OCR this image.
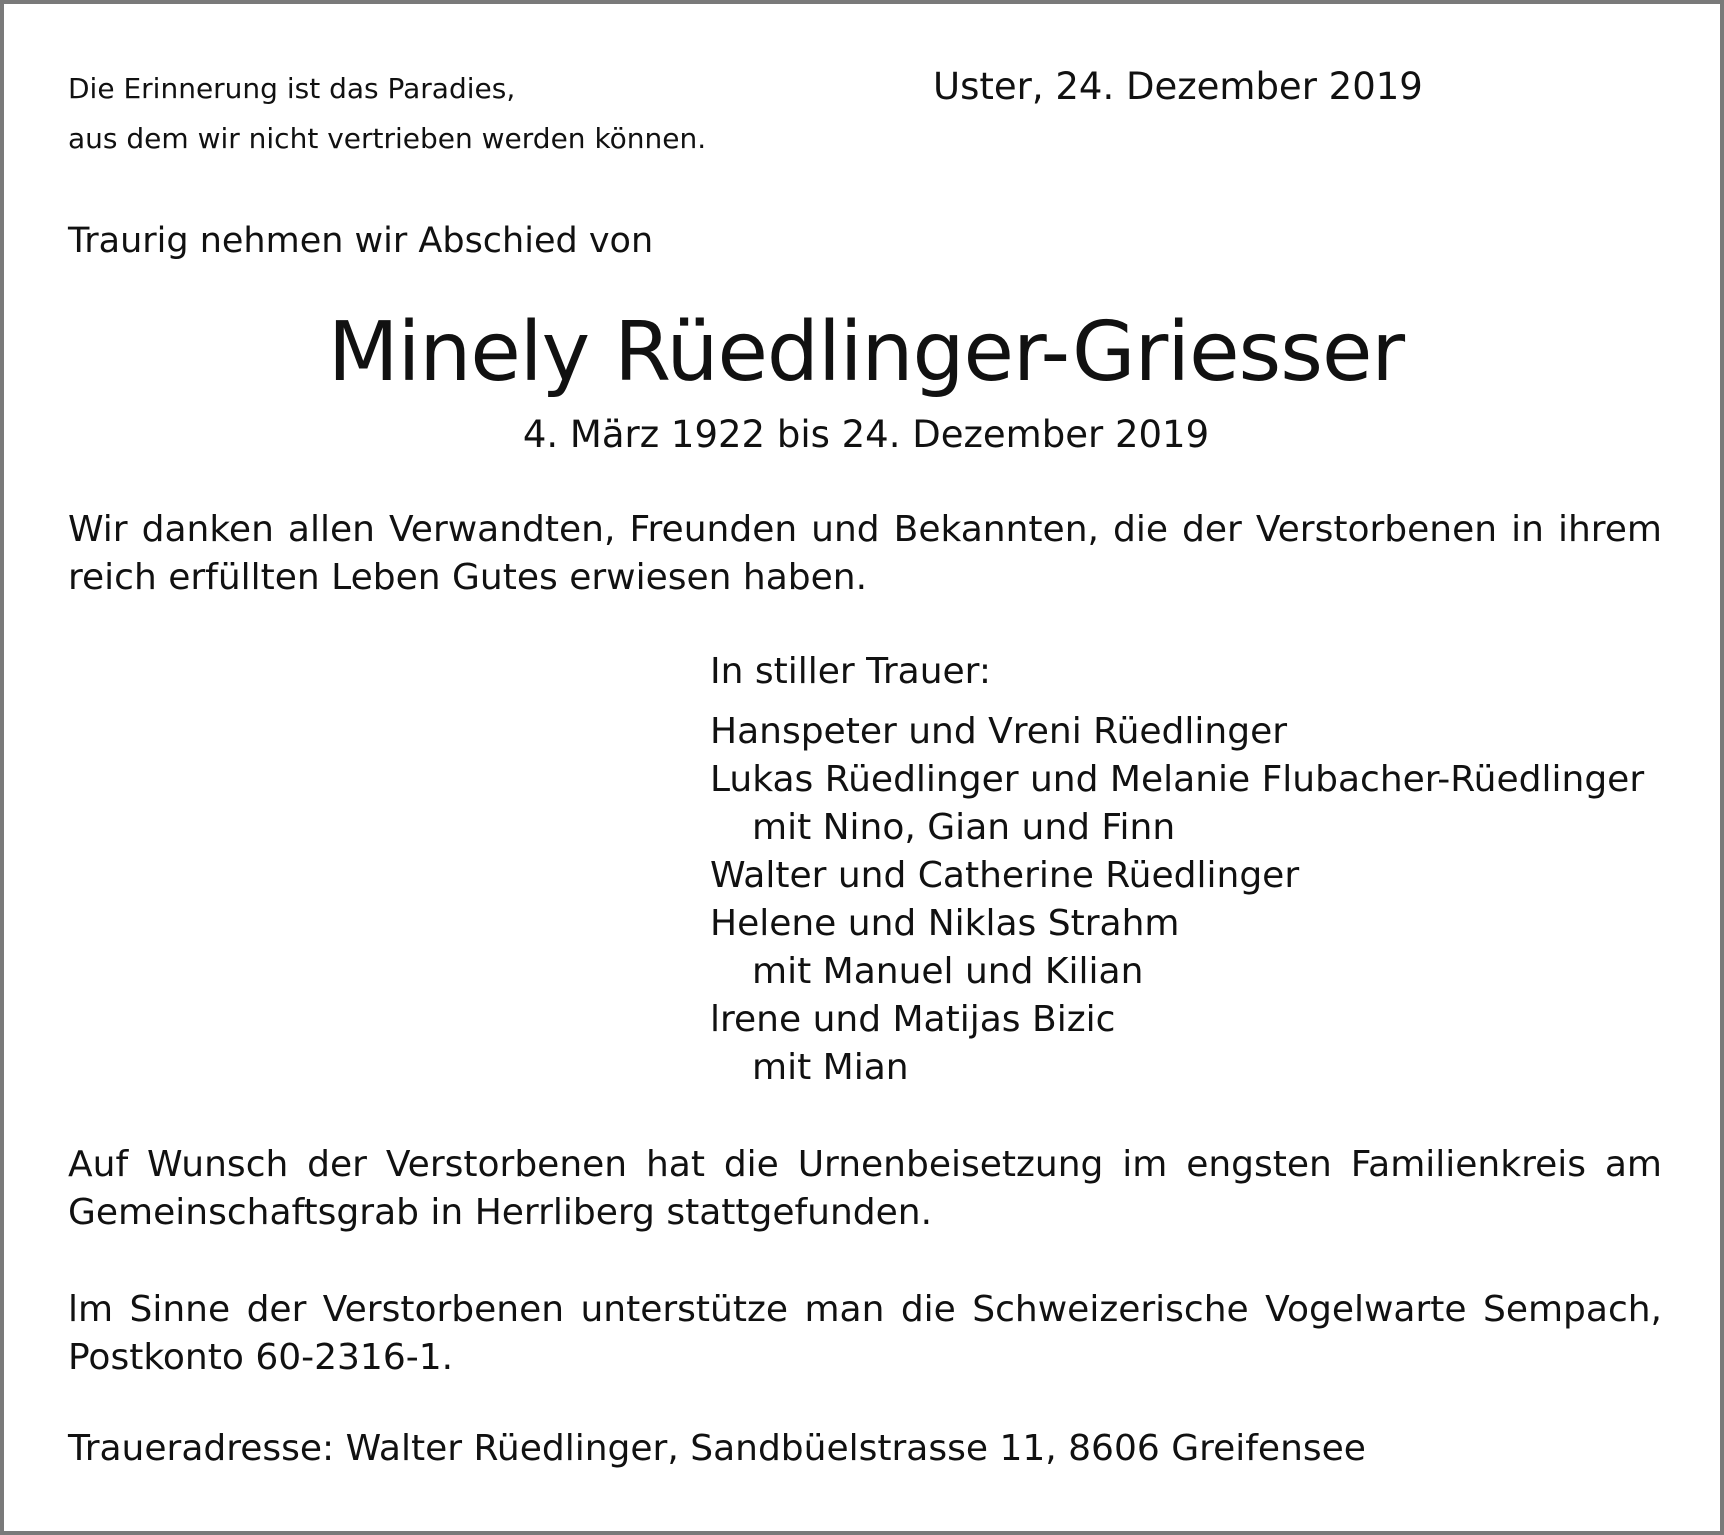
Die Erinnerung ist das Paradies,
aus dem wir nicht vertrieben werden können.
Uster, 24. Dezember 2019
Traurig nehmen wir Abschied von
Minely Rüedlinger-Griesser
4. März 1922 bis 24. Dezember 2019
Wir danken allen Verwandten, Freunden und Bekannten, die der Verstorbenen in ihrem reich erfüllten Leben Gutes erwiesen haben.
In stiller Trauer:
Hanspeter und Vreni Rüedlinger
Lukas Rüedlinger und Melanie Flubacher-Rüedlinger
mit Nino, Gian und Finn
Walter und Catherine Rüedlinger
Helene und Niklas Strahm
mit Manuel und Kilian
lrene und Matijas Bizic
mit Mian
Auf Wunsch der Verstorbenen hat die Urnenbeisetzung im engsten Familienkreis am Gemeinschaftsgrab in Herrliberg stattgefunden.
lm Sinne der Verstorbenen unterstütze man die Schweizerische Vogelwarte Sempach, Postkonto 60-2316-1.
Traueradresse: Walter Rüedlinger, Sandbüelstrasse 11, 8606 Greifensee
